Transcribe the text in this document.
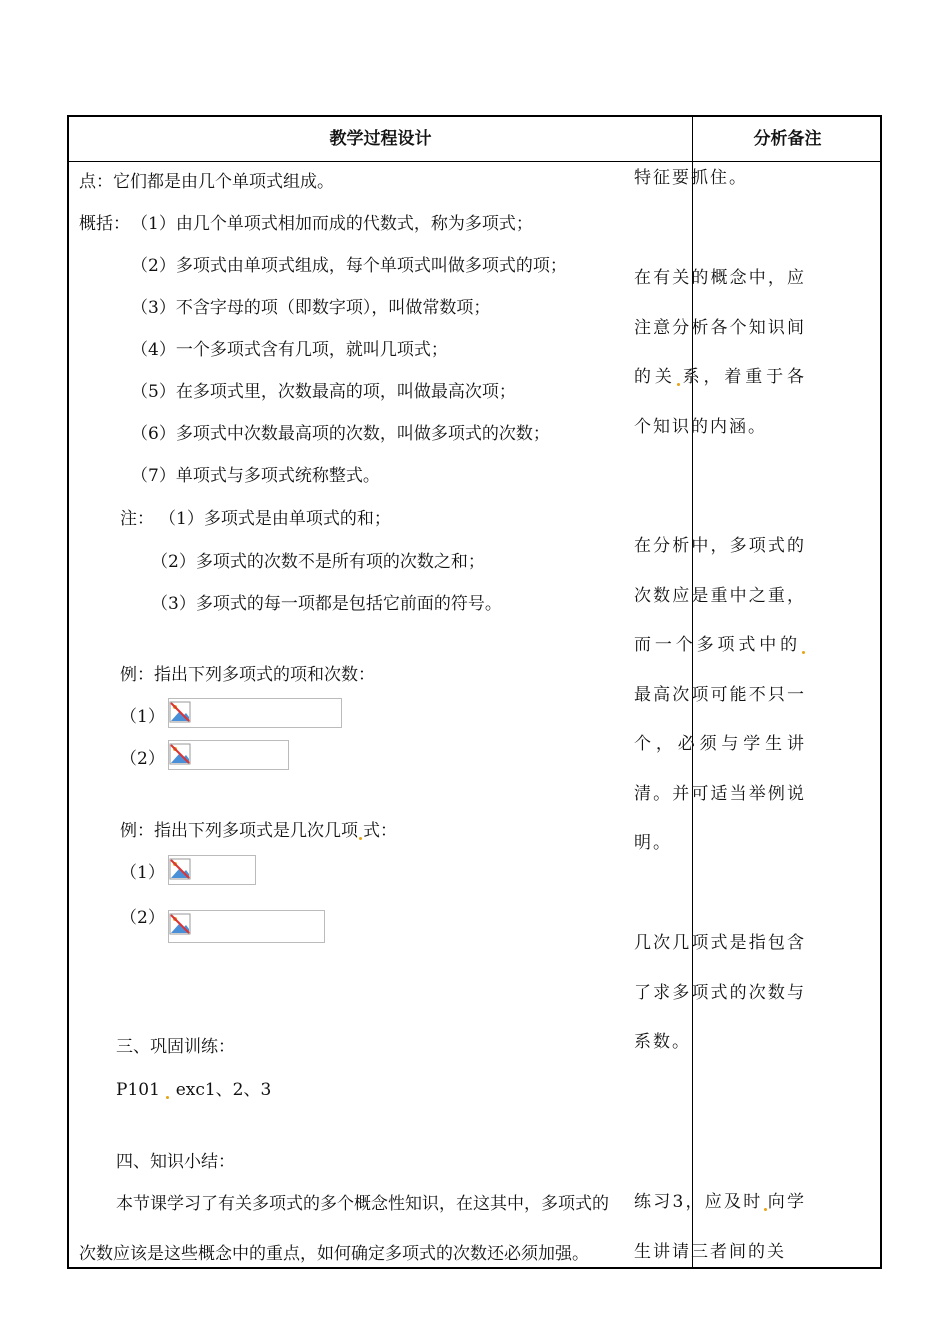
教学过程设计	分析备注
点：它们都是由几个单项式组成。
概括： （1）由几个单项式相加而成的代数式，称为多项式；
（2）多项式由单项式组成，每个单项式叫做多项式的项；
（3）不含字母的项（即数字项），叫做常数项；
（4）一个多项式含有几项，就叫几项式；
（5）在多项式里，次数最高的项，叫做最高次项；
（6）多项式中次数最高项的次数，叫做多项式的次数；
（7）单项式与多项式统称整式。
注： （1）多项式是由单项式的和；
（2）多项式的次数不是所有项的次数之和；
（3）多项式的每一项都是包括它前面的符号。
例：指出下列多项式的项和次数：
（1）
（2）
例：指出下列多项式是几次几项 式：
（1）
（2）
三、巩固训练：
P101  exc1、2、3
四、知识小结：
本节课学习了有关多项式的多个概念性知识，在这其中，多项式的
次数应该是这些概念中的重点，如何确定多项式的次数还必须加强。
特征要抓住。
在有关的概念中，应注意分析各个知识间的关 系，着重于各个知识的内涵。
在分析中，多项式的次数应是重中之重，而一个多项式中的最高次项可能不只一个，必须与学生讲清。并可适当举例说明。
几次几项式是指包含了求多项式的次数与系数。
练习3，应及时 向学生讲请三者间的关
